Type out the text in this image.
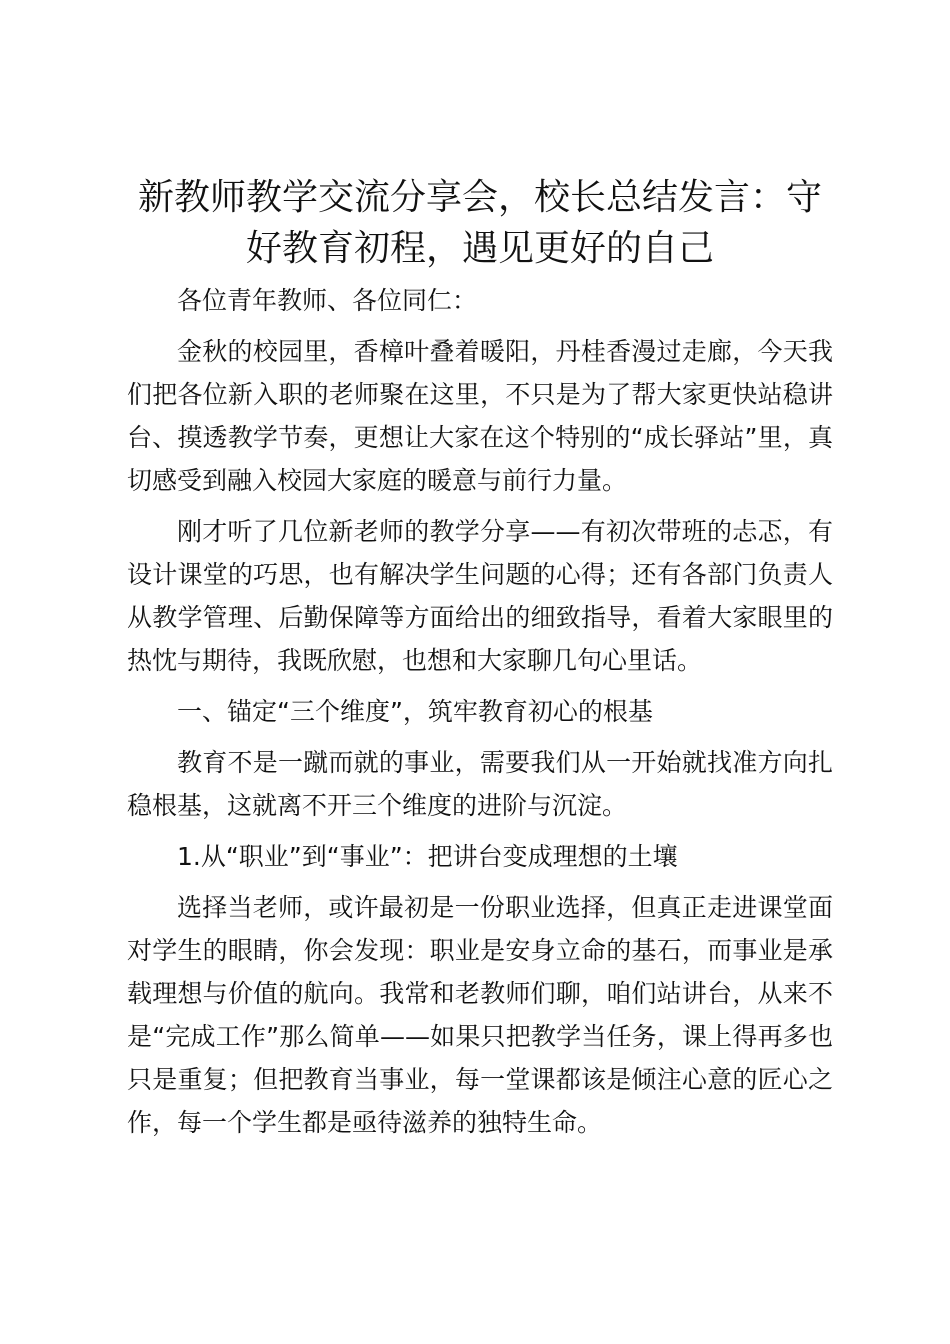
新教师教学交流分享会，校长总结发言：守好教育初程，遇见更好的自己

各位青年教师、各位同仁：

金秋的校园里，香樟叶叠着暖阳，丹桂香漫过走廊，今天我们把各位新入职的老师聚在这里，不只是为了帮大家更快站稳讲台、摸透教学节奏，更想让大家在这个特别的“成长驿站”里，真切感受到融入校园大家庭的暖意与前行力量。

刚才听了几位新老师的教学分享——有初次带班的忐忑，有设计课堂的巧思，也有解决学生问题的心得；还有各部门负责人从教学管理、后勤保障等方面给出的细致指导，看着大家眼里的热忱与期待，我既欣慰，也想和大家聊几句心里话。

一、锚定“三个维度”，筑牢教育初心的根基

教育不是一蹴而就的事业，需要我们从一开始就找准方向扎稳根基，这就离不开三个维度的进阶与沉淀。

1.从“职业”到“事业”：把讲台变成理想的土壤

选择当老师，或许最初是一份职业选择，但真正走进课堂面对学生的眼睛，你会发现：职业是安身立命的基石，而事业是承载理想与价值的航向。我常和老教师们聊，咱们站讲台，从来不是“完成工作”那么简单——如果只把教学当任务，课上得再多也只是重复；但把教育当事业，每一堂课都该是倾注心意的匠心之作，每一个学生都是亟待滋养的独特生命。
